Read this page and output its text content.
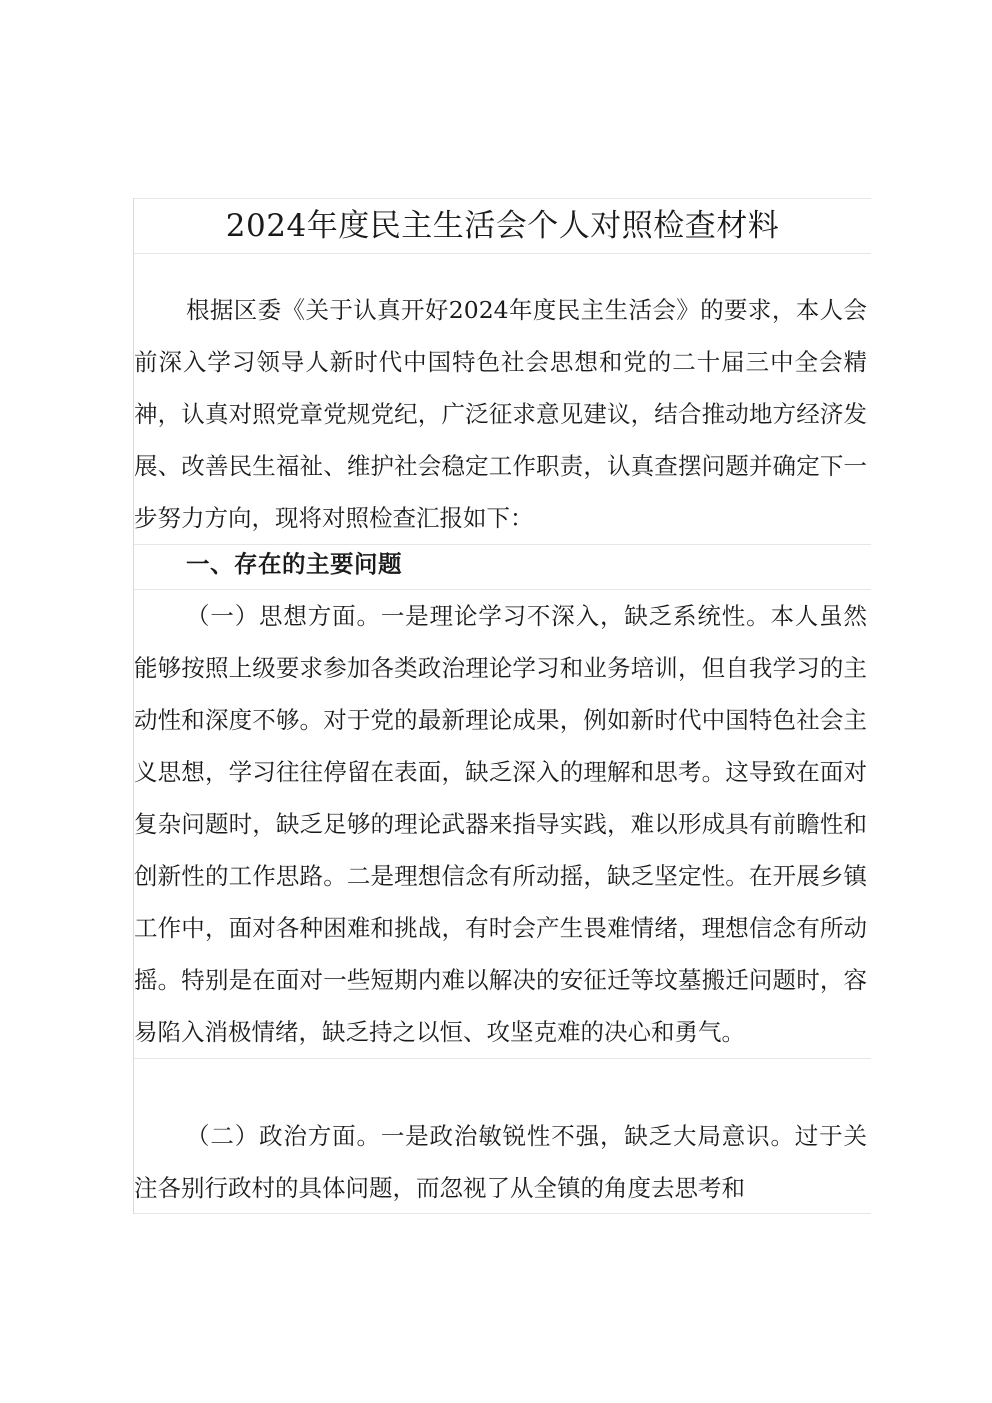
2024年度民主生活会个人对照检查材料

根据区委《关于认真开好2024年度民主生活会》的要求，本人会前深入学习领导人新时代中国特色社会思想和党的二十届三中全会精神，认真对照党章党规党纪，广泛征求意见建议，结合推动地方经济发展、改善民生福祉、维护社会稳定工作职责，认真查摆问题并确定下一步努力方向，现将对照检查汇报如下：

一、存在的主要问题

（一）思想方面。一是理论学习不深入，缺乏系统性。本人虽然能够按照上级要求参加各类政治理论学习和业务培训，但自我学习的主动性和深度不够。对于党的最新理论成果，例如新时代中国特色社会主义思想，学习往往停留在表面，缺乏深入的理解和思考。这导致在面对复杂问题时，缺乏足够的理论武器来指导实践，难以形成具有前瞻性和创新性的工作思路。二是理想信念有所动摇，缺乏坚定性。在开展乡镇工作中，面对各种困难和挑战，有时会产生畏难情绪，理想信念有所动摇。特别是在面对一些短期内难以解决的安征迁等坟墓搬迁问题时，容易陷入消极情绪，缺乏持之以恒、攻坚克难的决心和勇气。

（二）政治方面。一是政治敏锐性不强，缺乏大局意识。过于关注各别行政村的具体问题，而忽视了从全镇的角度去思考和
